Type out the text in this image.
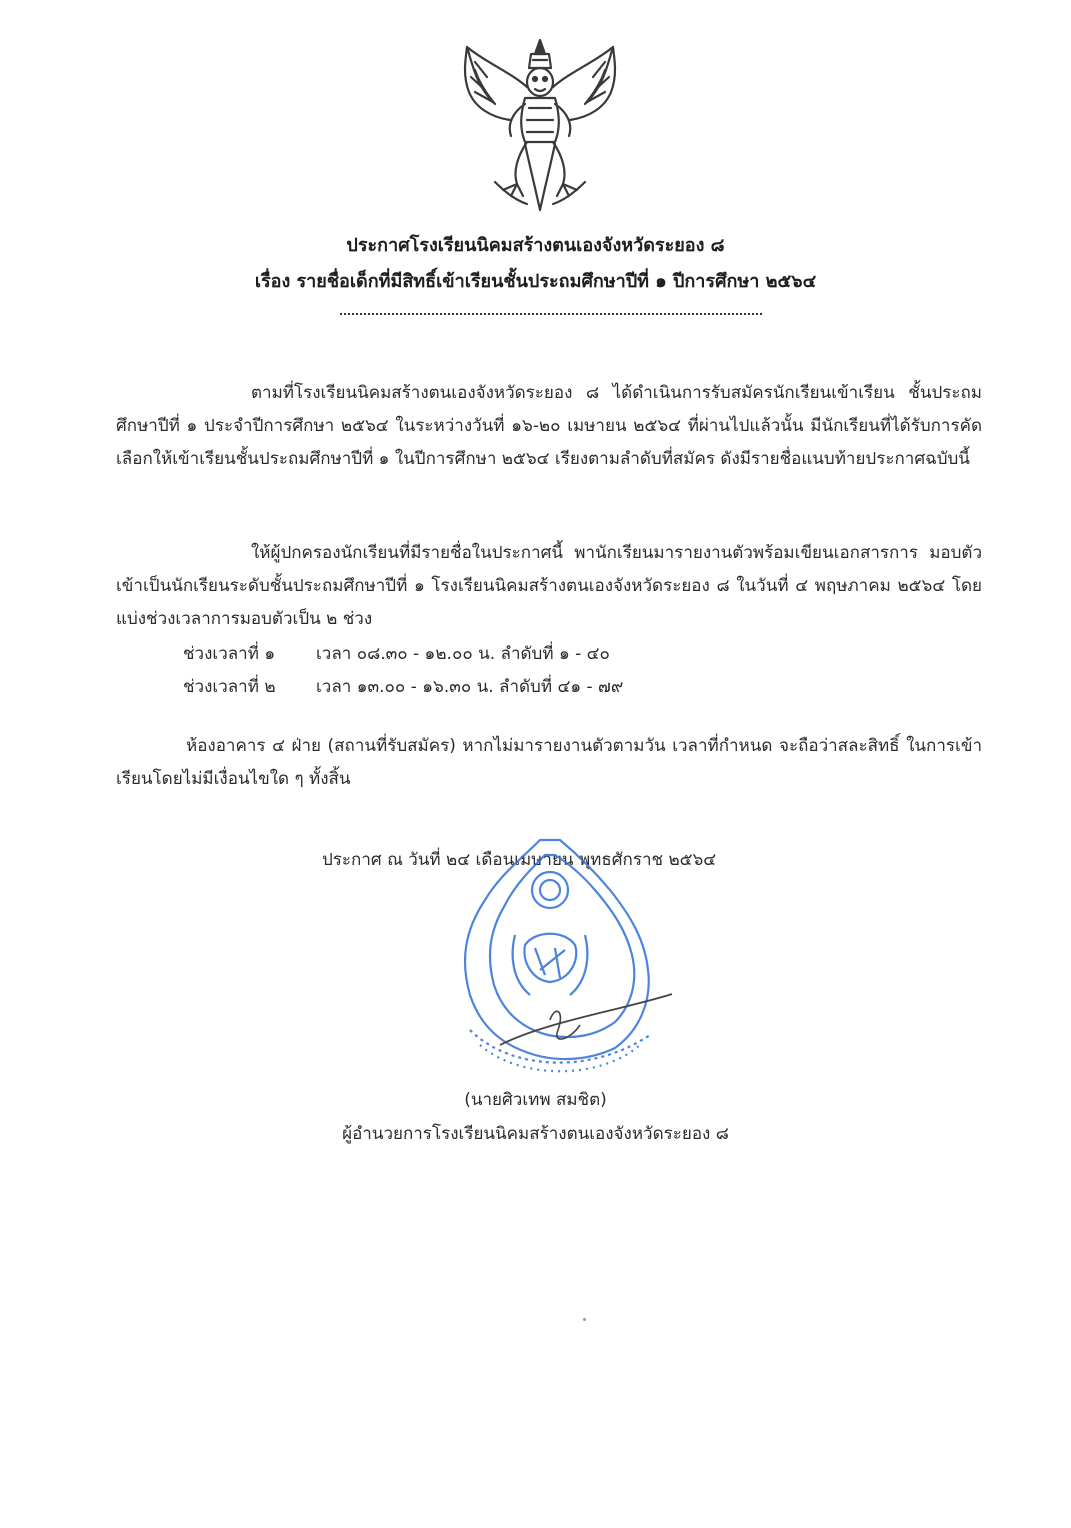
ประกาศโรงเรียนนิคมสร้างตนเองจังหวัดระยอง ๘
เรื่อง รายชื่อเด็กที่มีสิทธิ์เข้าเรียนชั้นประถมศึกษาปีที่ ๑ ปีการศึกษา ๒๕๖๔
ตามที่โรงเรียนนิคมสร้างตนเองจังหวัดระยอง ๘ ได้ดำเนินการรับสมัครนักเรียนเข้าเรียน ชั้นประถมศึกษาปีที่ ๑ ประจำปีการศึกษา ๒๕๖๔ ในระหว่างวันที่ ๑๖-๒๐ เมษายน ๒๕๖๔ ที่ผ่านไปแล้วนั้น มีนักเรียนที่ได้รับการคัดเลือกให้เข้าเรียนชั้นประถมศึกษาปีที่ ๑ ในปีการศึกษา ๒๕๖๔ เรียงตามลำดับที่สมัคร ดังมีรายชื่อแนบท้ายประกาศฉบับนี้
ให้ผู้ปกครองนักเรียนที่มีรายชื่อในประกาศนี้ พานักเรียนมารายงานตัวพร้อมเขียนเอกสารการ มอบตัวเข้าเป็นนักเรียนระดับชั้นประถมศึกษาปีที่ ๑ โรงเรียนนิคมสร้างตนเองจังหวัดระยอง ๘ ในวันที่ ๔ พฤษภาคม ๒๕๖๔ โดยแบ่งช่วงเวลาการมอบตัวเป็น ๒ ช่วง
ช่วงเวลาที่ ๑ เวลา ๐๘.๓๐ - ๑๒.๐๐ น. ลำดับที่ ๑ - ๔๐
ช่วงเวลาที่ ๒ เวลา ๑๓.๐๐ - ๑๖.๓๐ น. ลำดับที่ ๔๑ - ๗๙
ห้องอาคาร ๔ ฝ่าย (สถานที่รับสมัคร) หากไม่มารายงานตัวตามวัน เวลาที่กำหนด จะถือว่าสละสิทธิ์ ในการเข้าเรียนโดยไม่มีเงื่อนไขใด ๆ ทั้งสิ้น
ประกาศ ณ วันที่ ๒๔ เดือนเมษายน พุทธศักราช ๒๕๖๔
(นายศิวเทพ สมชิต)
ผู้อำนวยการโรงเรียนนิคมสร้างตนเองจังหวัดระยอง ๘
